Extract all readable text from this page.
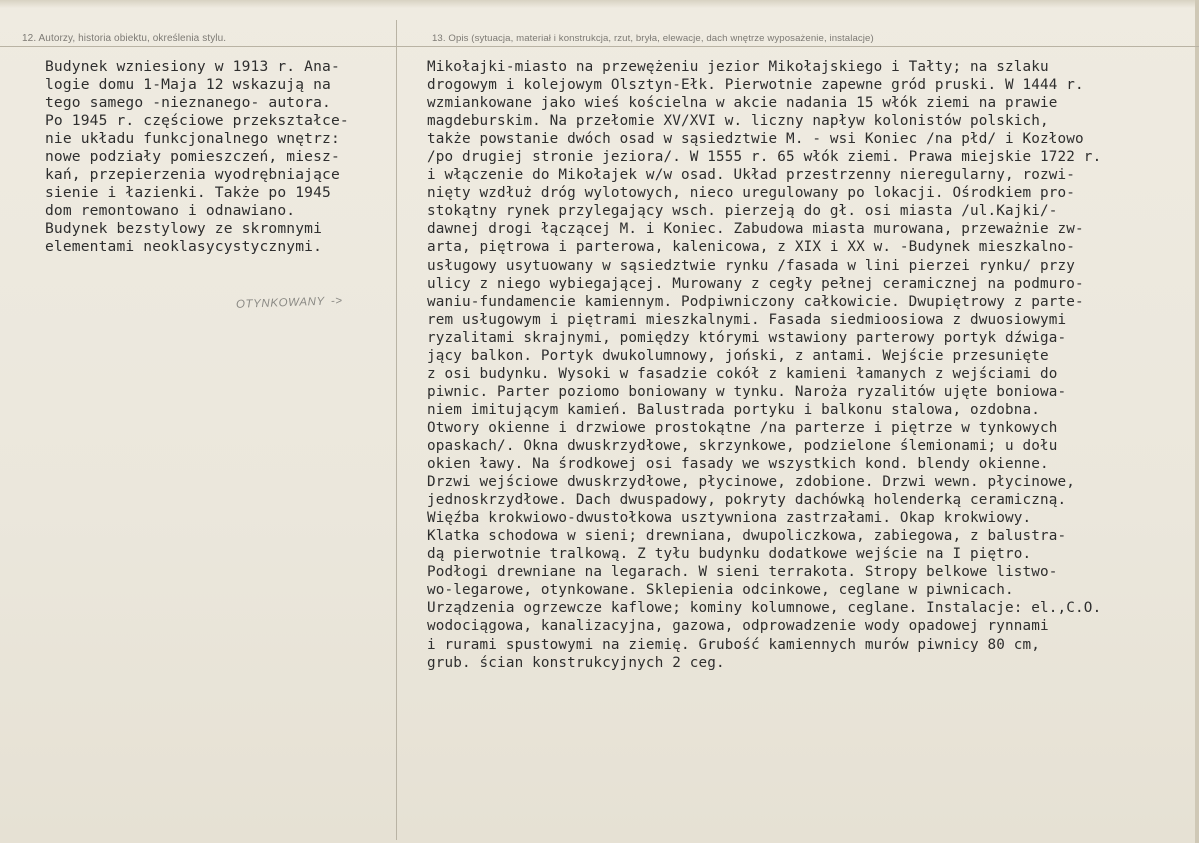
12. Autorzy, historia obiektu, określenia stylu.	13. Opis (sytuacja, materiał i konstrukcja, rzut, bryła, elewacje, dach wnętrze wyposażenie, instalacje)
Budynek wzniesiony w 1913 r. Ana-
logie domu 1-Maja 12 wskazują na
tego samego -nieznanego- autora.
Po 1945 r. częściowe przekształce-
nie układu funkcjonalnego wnętrz:
nowe podziały pomieszczeń, miesz-
kań, przepierzenia wyodrębniające
sienie i łazienki. Także po 1945
dom remontowano i odnawiano.
Budynek bezstylowy ze skromnymi
elementami neoklasycystycznymi.
OTYNKOWANY ->
Mikołajki-miasto na przewężeniu jezior Mikołajskiego i Tałty; na szlaku
drogowym i kolejowym Olsztyn-Ełk. Pierwotnie zapewne gród pruski. W 1444 r.
wzmiankowane jako wieś kościelna w akcie nadania 15 włók ziemi na prawie
magdeburskim. Na przełomie XV/XVI w. liczny napływ kolonistów polskich,
także powstanie dwóch osad w sąsiedztwie M. - wsi Koniec /na płd/ i Kozłowo
/po drugiej stronie jeziora/. W 1555 r. 65 włók ziemi. Prawa miejskie 1722 r.
i włączenie do Mikołajek w/w osad. Układ przestrzenny nieregularny, rozwi-
nięty wzdłuż dróg wylotowych, nieco uregulowany po lokacji. Ośrodkiem pro-
stokątny rynek przylegający wsch. pierzeją do gł. osi miasta /ul.Kajki/-
dawnej drogi łączącej M. i Koniec. Zabudowa miasta murowana, przeważnie zw-
arta, piętrowa i parterowa, kalenicowa, z XIX i XX w. -Budynek mieszkalno-
usługowy usytuowany w sąsiedztwie rynku /fasada w lini pierzei rynku/ przy
ulicy z niego wybiegającej. Murowany z cegły pełnej ceramicznej na podmuro-
waniu-fundamencie kamiennym. Podpiwniczony całkowicie. Dwupiętrowy z parte-
rem usługowym i piętrami mieszkalnymi. Fasada siedmioosiowa z dwuosiowymi
ryzalitami skrajnymi, pomiędzy którymi wstawiony parterowy portyk dźwiga-
jący balkon. Portyk dwukolumnowy, joński, z antami. Wejście przesunięte
z osi budynku. Wysoki w fasadzie cokół z kamieni łamanych z wejściami do
piwnic. Parter poziomo boniowany w tynku. Naroża ryzalitów ujęte boniowa-
niem imitującym kamień. Balustrada portyku i balkonu stalowa, ozdobna.
Otwory okienne i drzwiowe prostokątne /na parterze i piętrze w tynkowych
opaskach/. Okna dwuskrzydłowe, skrzynkowe, podzielone ślemionami; u dołu
okien ławy. Na środkowej osi fasady we wszystkich kond. blendy okienne.
Drzwi wejściowe dwuskrzydłowe, płycinowe, zdobione. Drzwi wewn. płycinowe,
jednoskrzydłowe. Dach dwuspadowy, pokryty dachówką holenderką ceramiczną.
Więźba krokwiowo-dwustołkowa usztywniona zastrzałami. Okap krokwiowy.
Klatka schodowa w sieni; drewniana, dwupoliczkowa, zabiegowa, z balustra-
dą pierwotnie tralkową. Z tyłu budynku dodatkowe wejście na I piętro.
Podłogi drewniane na legarach. W sieni terrakota. Stropy belkowe listwo-
wo-legarowe, otynkowane. Sklepienia odcinkowe, ceglane w piwnicach.
Urządzenia ogrzewcze kaflowe; kominy kolumnowe, ceglane. Instalacje: el.,C.O.
wodociągowa, kanalizacyjna, gazowa, odprowadzenie wody opadowej rynnami
i rurami spustowymi na ziemię. Grubość kamiennych murów piwnicy 80 cm,
grub. ścian konstrukcyjnych 2 ceg.
